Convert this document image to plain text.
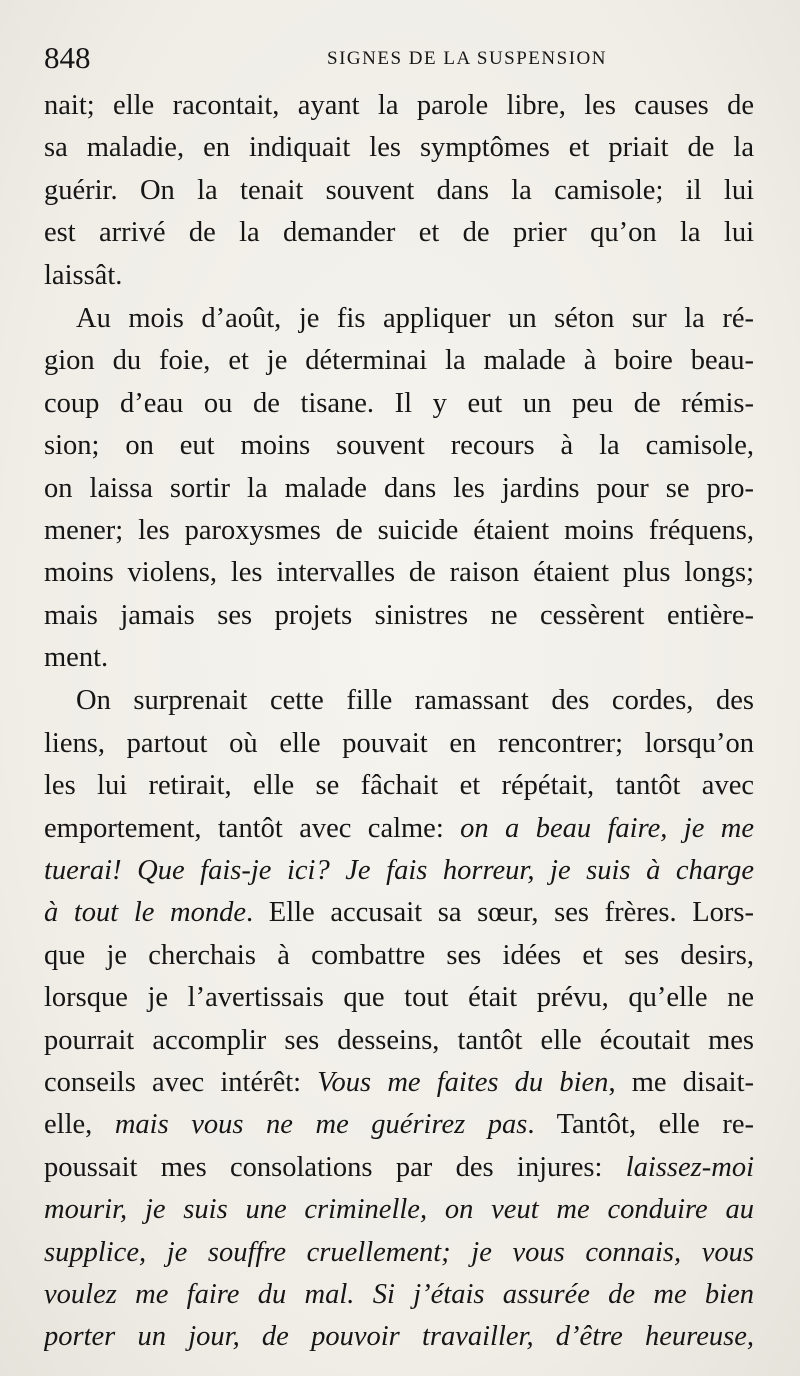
848	SIGNES DE LA SUSPENSION
nait; elle racontait, ayant la parole libre, les causes de
sa maladie, en indiquait les symptômes et priait de la
guérir. On la tenait souvent dans la camisole; il lui
est arrivé de la demander et de prier qu’on la lui
laissât.
Au mois d’août, je fis appliquer un séton sur la ré-
gion du foie, et je déterminai la malade à boire beau-
coup d’eau ou de tisane. Il y eut un peu de rémis-
sion; on eut moins souvent recours à la camisole,
on laissa sortir la malade dans les jardins pour se pro-
mener; les paroxysmes de suicide étaient moins fréquens,
moins violens, les intervalles de raison étaient plus longs;
mais jamais ses projets sinistres ne cessèrent entière-
ment.
On surprenait cette fille ramassant des cordes, des
liens, partout où elle pouvait en rencontrer; lorsqu’on
les lui retirait, elle se fâchait et répétait, tantôt avec
emportement, tantôt avec calme: on a beau faire, je me
tuerai! Que fais-je ici? Je fais horreur, je suis à charge
à tout le monde. Elle accusait sa sœur, ses frères. Lors-
que je cherchais à combattre ses idées et ses desirs,
lorsque je l’avertissais que tout était prévu, qu’elle ne
pourrait accomplir ses desseins, tantôt elle écoutait mes
conseils avec intérêt: Vous me faites du bien, me disait-
elle, mais vous ne me guérirez pas. Tantôt, elle re-
poussait mes consolations par des injures: laissez-moi
mourir, je suis une criminelle, on veut me conduire au
supplice, je souffre cruellement; je vous connais, vous
voulez me faire du mal. Si j’étais assurée de me bien
porter un jour, de pouvoir travailler, d’être heureuse,
